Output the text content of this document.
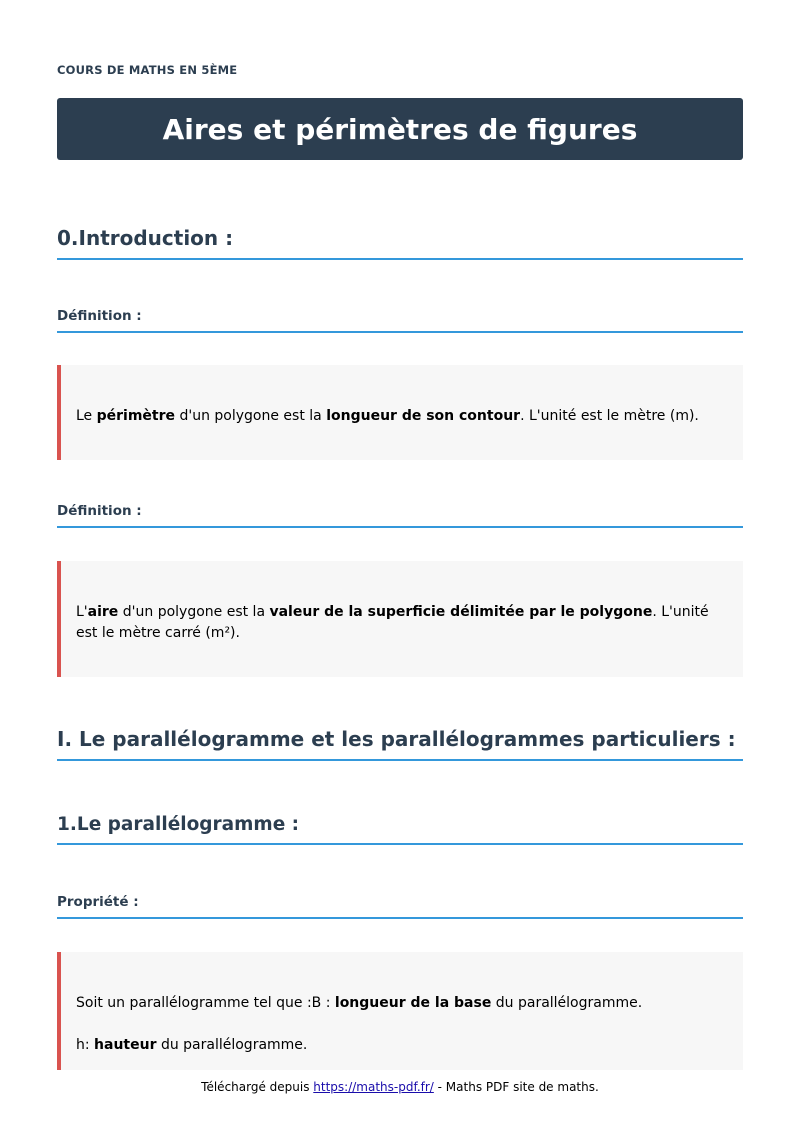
COURS DE MATHS EN 5ÈME
Aires et périmètres de figures
0.Introduction :
Définition :

Le périmètre d'un polygone est la longueur de son contour. L'unité est le mètre (m).

Définition :

L'aire d'un polygone est la valeur de la superficie délimitée par le polygone. L'unité est le mètre carré (m²).

I. Le parallélogramme et les parallélogrammes particuliers :
1.Le parallélogramme :
Propriété :

Soit un parallélogramme tel que :B : longueur de la base du parallélogramme.

h: hauteur du parallélogramme.

Téléchargé depuis https://maths-pdf.fr/ - Maths PDF site de maths.
